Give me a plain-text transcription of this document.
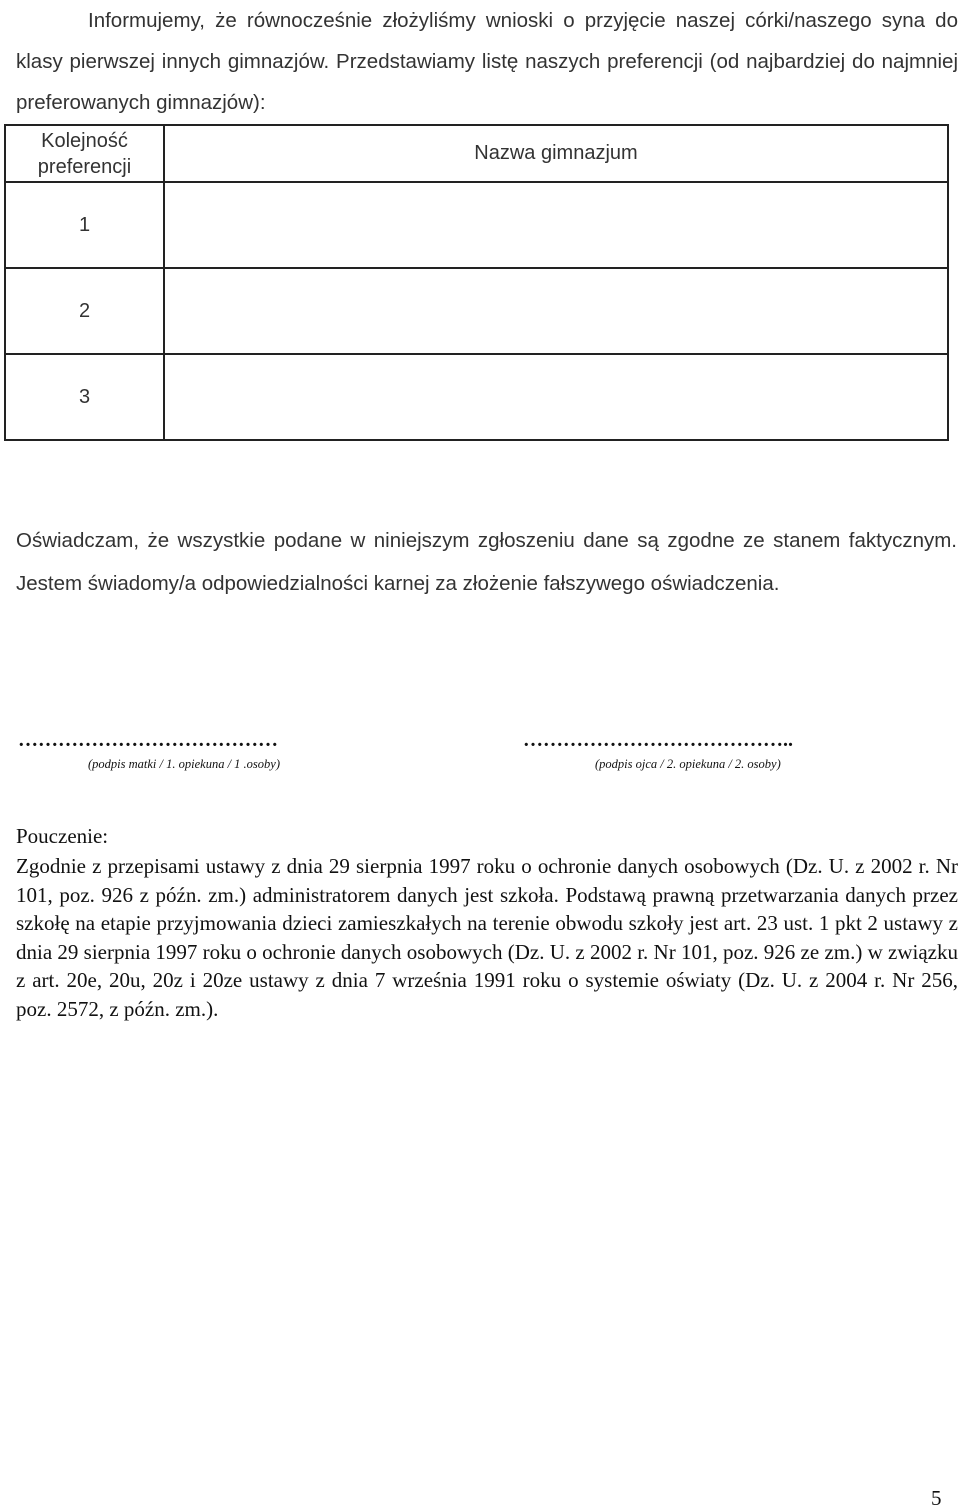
Informujemy, że równocześnie złożyliśmy wnioski o przyjęcie naszej córki/naszego syna do klasy pierwszej innych gimnazjów. Przedstawiamy listę naszych preferencji (od najbardziej do najmniej preferowanych gimnazjów):
Kolejność
preferencji	Nazwa gimnazjum
1	
2	
3	
Oświadczam, że wszystkie podane w niniejszym zgłoszeniu dane są zgodne ze stanem faktycznym. Jestem świadomy/a odpowiedzialności karnej za złożenie fałszywego oświadczenia.
…………………………………
(podpis matki / 1. opiekuna / 1 .osoby)
…………………………………..
(podpis ojca / 2. opiekuna / 2. osoby)
Pouczenie:
Zgodnie z przepisami ustawy z dnia 29 sierpnia 1997 roku o ochronie danych osobowych (Dz. U. z 2002 r. Nr 101, poz. 926 z późn. zm.) administratorem danych jest szkoła. Podstawą prawną przetwarzania danych przez szkołę na etapie przyjmowania dzieci zamieszkałych na terenie obwodu szkoły jest art. 23 ust. 1 pkt 2 ustawy z dnia 29 sierpnia 1997 roku o ochronie danych osobowych (Dz. U. z 2002 r. Nr 101, poz. 926 ze zm.) w związku z art. 20e, 20u, 20z i 20ze ustawy z dnia 7 września 1991 roku o systemie oświaty (Dz. U. z 2004 r. Nr 256, poz. 2572, z późn. zm.).
5
